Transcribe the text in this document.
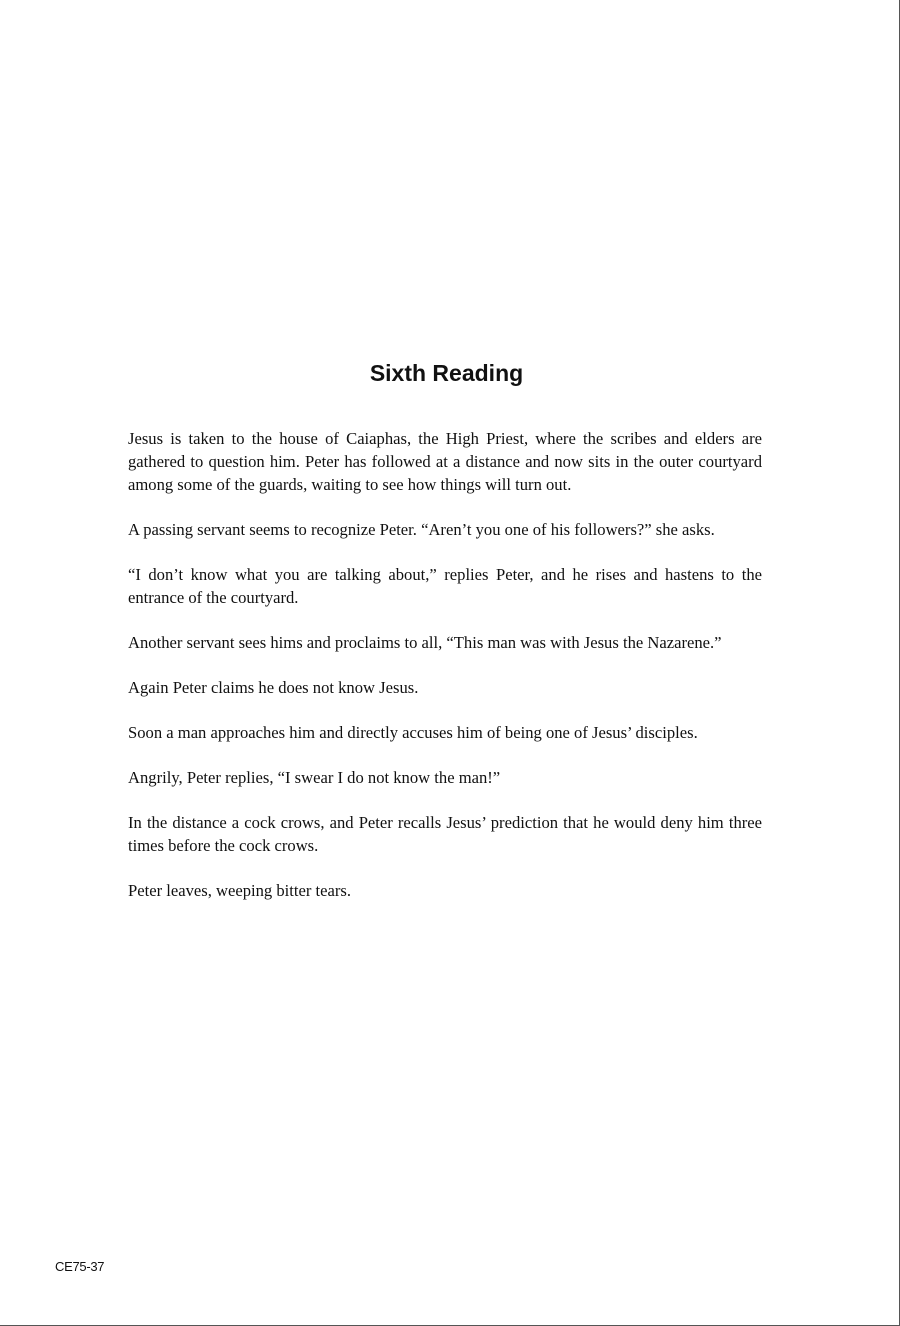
Sixth Reading

Jesus is taken to the house of Caiaphas, the High Priest, where the scribes and elders are gathered to question him. Peter has followed at a distance and now sits in the outer courtyard among some of the guards, waiting to see how things will turn out.

A passing servant seems to recognize Peter. “Aren’t you one of his followers?” she asks.

“I don’t know what you are talking about,” replies Peter, and he rises and hastens to the entrance of the courtyard.

Another servant sees hims and proclaims to all, “This man was with Jesus the Nazarene.”

Again Peter claims he does not know Jesus.

Soon a man approaches him and directly accuses him of being one of Jesus’ disciples.

Angrily, Peter replies, “I swear I do not know the man!”

In the distance a cock crows, and Peter recalls Jesus’ prediction that he would deny him three times before the cock crows.

Peter leaves, weeping bitter tears.

CE75-37
